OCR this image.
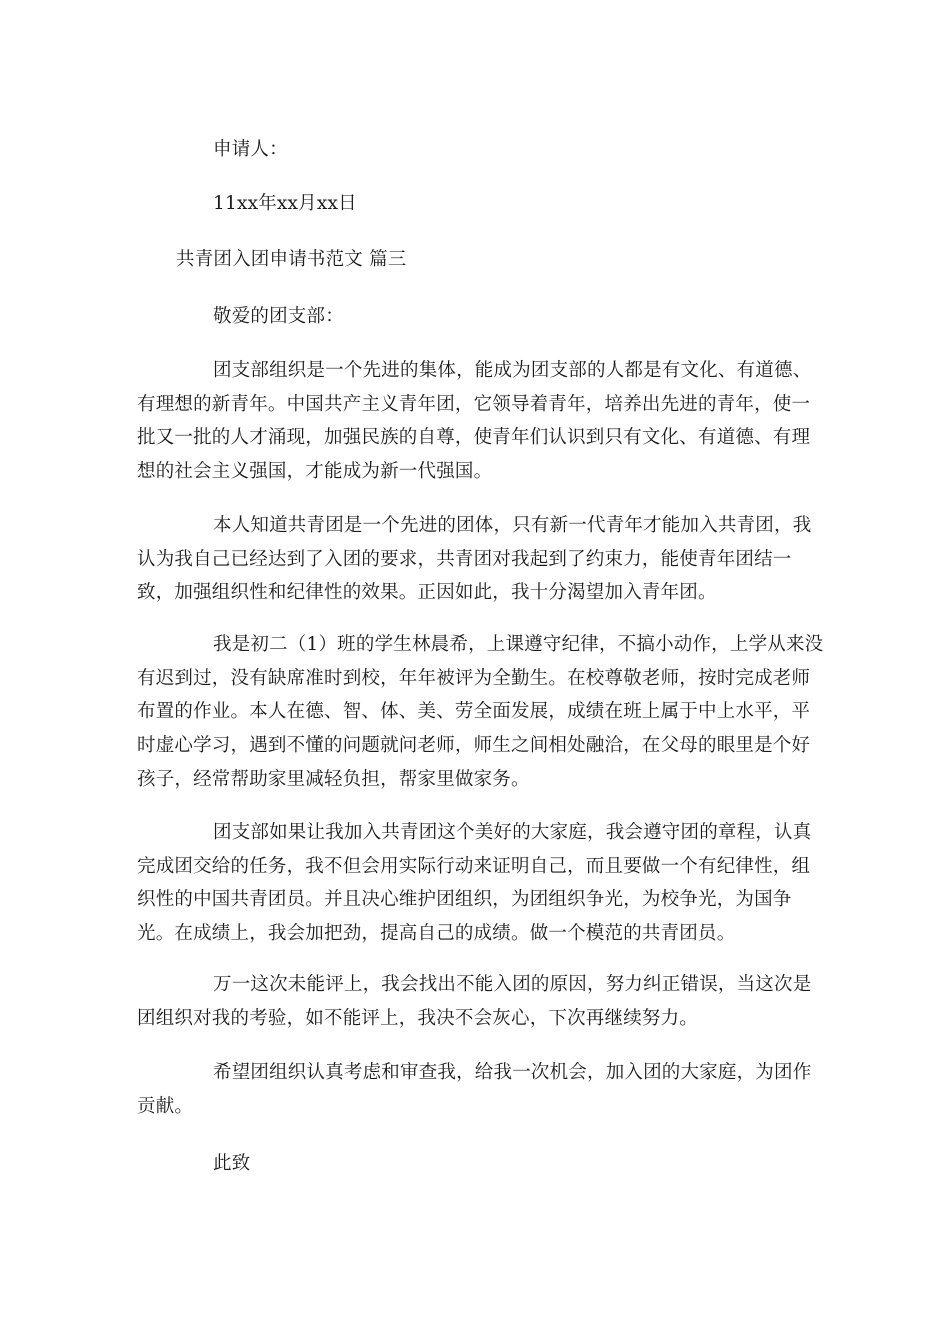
申请人：
11xx年xx月xx日
共青团入团申请书范文 篇三
敬爱的团支部：

团支部组织是一个先进的集体，能成为团支部的人都是有文化、有道德、有理想的新青年。中国共产主义青年团，它领导着青年，培养出先进的青年，使一批又一批的人才涌现，加强民族的自尊，使青年们认识到只有文化、有道德、有理想的社会主义强国，才能成为新一代强国。

本人知道共青团是一个先进的团体，只有新一代青年才能加入共青团，我认为我自己已经达到了入团的要求，共青团对我起到了约束力，能使青年团结一致，加强组织性和纪律性的效果。正因如此，我十分渴望加入青年团。

我是初二（1）班的学生林晨希，上课遵守纪律，不搞小动作，上学从来没有迟到过，没有缺席准时到校，年年被评为全勤生。在校尊敬老师，按时完成老师布置的作业。本人在德、智、体、美、劳全面发展，成绩在班上属于中上水平，平时虚心学习，遇到不懂的问题就问老师，师生之间相处融洽，在父母的眼里是个好孩子，经常帮助家里减轻负担，帮家里做家务。

团支部如果让我加入共青团这个美好的大家庭，我会遵守团的章程，认真完成团交给的任务，我不但会用实际行动来证明自己，而且要做一个有纪律性，组织性的中国共青团员。并且决心维护团组织，为团组织争光，为校争光，为国争光。在成绩上，我会加把劲，提高自己的成绩。做一个模范的共青团员。

万一这次未能评上，我会找出不能入团的原因，努力纠正错误，当这次是团组织对我的考验，如不能评上，我决不会灰心，下次再继续努力。

希望团组织认真考虑和审查我，给我一次机会，加入团的大家庭，为团作贡献。

此致
